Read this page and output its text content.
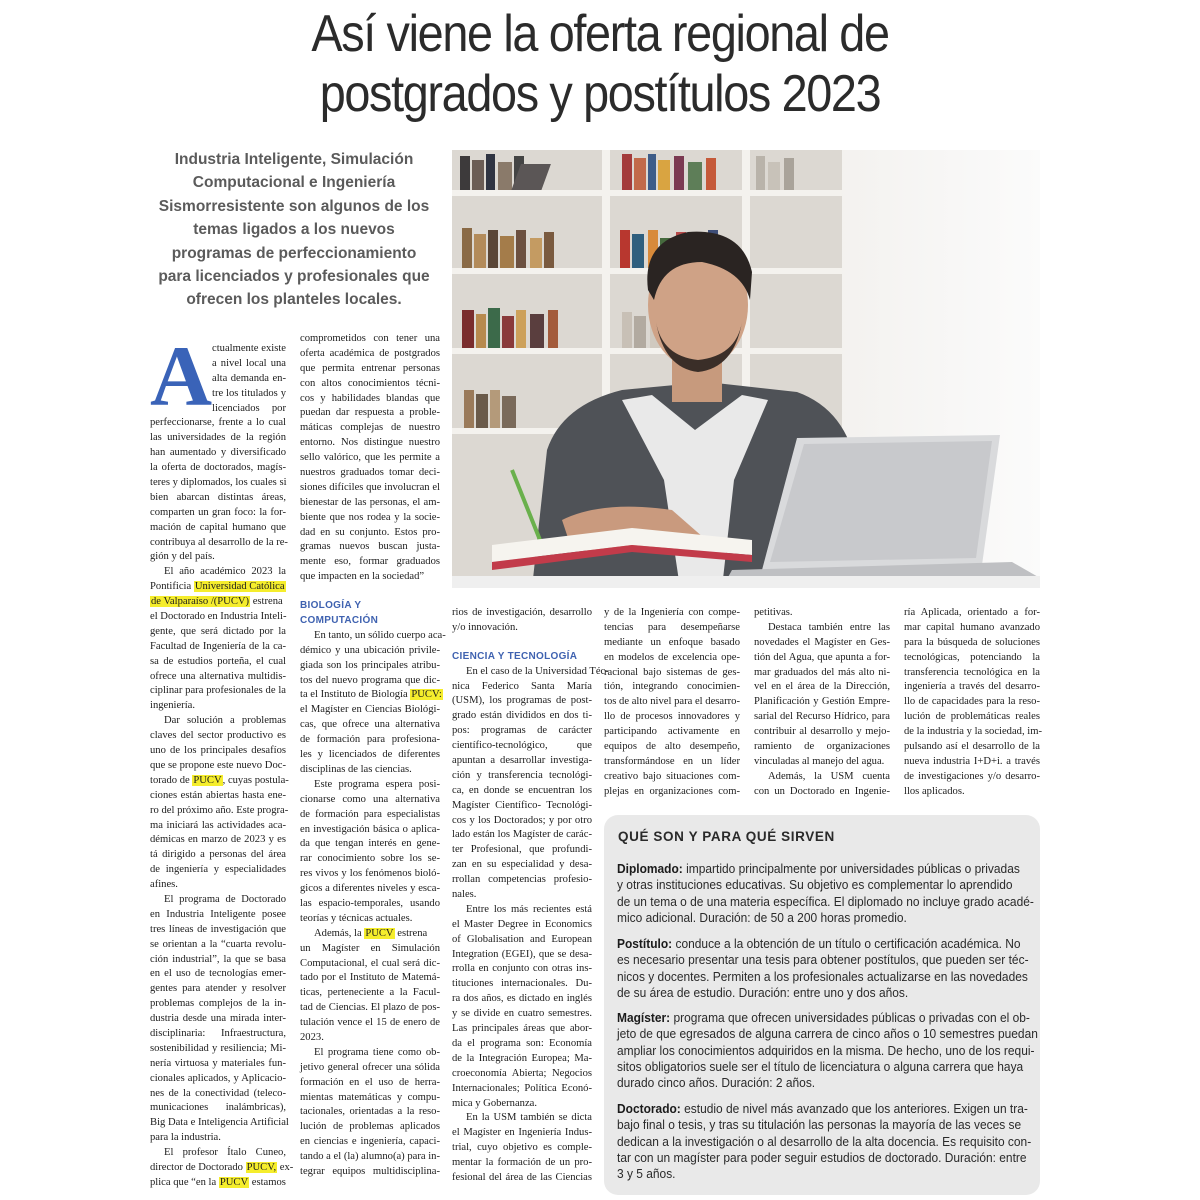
Así viene la oferta regional de
postgrados y postítulos 2023
Industria Inteligente, Simulación
Computacional e Ingeniería
Sismorresistente son algunos de los
temas ligados a los nuevos
programas de perfeccionamiento
para licenciados y profesionales que
ofrecen los planteles locales.
A ctualmente existe
a nivel local una
alta demanda en-
tre los titulados y
licenciados por
perfeccionarse, frente a lo cual
las universidades de la región
han aumentado y diversificado
la oferta de doctorados, magís-
teres y diplomados, los cuales si
bien abarcan distintas áreas,
comparten un gran foco: la for-
mación de capital humano que
contribuya al desarrollo de la re-
gión y del país.
El año académico 2023 la
Pontificia Universidad Católica
de Valparaíso /(PUCV) estrena
el Doctorado en Industria Inteli-
gente, que será dictado por la
Facultad de Ingeniería de la ca-
sa de estudios porteña, el cual
ofrece una alternativa multidis-
ciplinar para profesionales de la
ingeniería.
Dar solución a problemas
claves del sector productivo es
uno de los principales desafíos
que se propone este nuevo Doc-
torado de PUCV, cuyas postula-
ciones están abiertas hasta ene-
ro del próximo año. Este progra-
ma iniciará las actividades aca-
démicas en marzo de 2023 y es
tá dirigido a personas del área
de ingeniería y especialidades
afines.
El programa de Doctorado
en Industria Inteligente posee
tres líneas de investigación que
se orientan a la “cuarta revolu-
ción industrial”, la que se basa
en el uso de tecnologías emer-
gentes para atender y resolver
problemas complejos de la in-
dustria desde una mirada inter-
disciplinaria: Infraestructura,
sostenibilidad y resiliencia; Mi-
nería virtuosa y materiales fun-
cionales aplicados, y Aplicacio-
nes de la conectividad (teleco-
municaciones inalámbricas),
Big Data e Inteligencia Artificial
para la industria.
El profesor Ítalo Cuneo,
director de Doctorado PUCV, ex-
plica que “en la PUCV estamos
comprometidos con tener una
oferta académica de postgrados
que permita entrenar personas
con altos conocimientos técni-
cos y habilidades blandas que
puedan dar respuesta a proble-
máticas complejas de nuestro
entorno. Nos distingue nuestro
sello valórico, que les permite a
nuestros graduados tomar deci-
siones difíciles que involucran el
bienestar de las personas, el am-
biente que nos rodea y la socie-
dad en su conjunto. Estos pro-
gramas nuevos buscan justa-
mente eso, formar graduados
que impacten en la sociedad”
BIOLOGÍA Y
COMPUTACIÓN
En tanto, un sólido cuerpo aca-
démico y una ubicación privile-
giada son los principales atribu-
tos del nuevo programa que dic-
ta el Instituto de Biología PUCV:
el Magíster en Ciencias Biológi-
cas, que ofrece una alternativa
de formación para profesiona-
les y licenciados de diferentes
disciplinas de las ciencias.
Este programa espera posi-
cionarse como una alternativa
de formación para especialistas
en investigación básica o aplica-
da que tengan interés en gene-
rar conocimiento sobre los se-
res vivos y los fenómenos bioló-
gicos a diferentes niveles y esca-
las espacio-temporales, usando
teorías y técnicas actuales.
Además, la PUCV estrena
un Magíster en Simulación
Computacional, el cual será dic-
tado por el Instituto de Matemá-
ticas, perteneciente a la Facul-
tad de Ciencias. El plazo de pos-
tulación vence el 15 de enero de
2023.
El programa tiene como ob-
jetivo general ofrecer una sólida
formación en el uso de herra-
mientas matemáticas y compu-
tacionales, orientadas a la reso-
lución de problemas aplicados
en ciencias e ingeniería, capaci-
tando a el (la) alumno(a) para in-
tegrar equipos multidisciplina-
rios de investigación, desarrollo
y/o innovación.
CIENCIA Y TECNOLOGÍA
En el caso de la Universidad Téc-
nica Federico Santa María
(USM), los programas de post-
grado están divididos en dos ti-
pos: programas de carácter
científico-tecnológico, que
apuntan a desarrollar investiga-
ción y transferencia tecnológi-
ca, en donde se encuentran los
Magíster Científico- Tecnológi-
cos y los Doctorados; y por otro
lado están los Magíster de carác-
ter Profesional, que profundi-
zan en su especialidad y desa-
rrollan competencias profesio-
nales.
Entre los más recientes está
el Master Degree in Economics
of Globalisation and European
Integration (EGEI), que se desa-
rrolla en conjunto con otras ins-
tituciones internacionales. Du-
ra dos años, es dictado en inglés
y se divide en cuatro semestres.
Las principales áreas que abor-
da el programa son: Economía
de la Integración Europea; Ma-
croeconomía Abierta; Negocios
Internacionales; Política Econó-
mica y Gobernanza.
En la USM también se dicta
el Magíster en Ingeniería Indus-
trial, cuyo objetivo es comple-
mentar la formación de un pro-
fesional del área de las Ciencias
y de la Ingeniería con compe-
tencias para desempeñarse
mediante un enfoque basado
en modelos de excelencia ope-
racional bajo sistemas de ges-
tión, integrando conocimien-
tos de alto nivel para el desarro-
llo de procesos innovadores y
participando activamente en
equipos de alto desempeño,
transformándose en un líder
creativo bajo situaciones com-
plejas en organizaciones com-
petitivas.
Destaca también entre las
novedades el Magíster en Ges-
tión del Agua, que apunta a for-
mar graduados del más alto ni-
vel en el área de la Dirección,
Planificación y Gestión Empre-
sarial del Recurso Hídrico, para
contribuir al desarrollo y mejo-
ramiento de organizaciones
vinculadas al manejo del agua.
Además, la USM cuenta
con un Doctorado en Ingenie-
ría Aplicada, orientado a for-
mar capital humano avanzado
para la búsqueda de soluciones
tecnológicas, potenciando la
transferencia tecnológica en la
ingeniería a través del desarro-
llo de capacidades para la reso-
lución de problemáticas reales
de la industria y la sociedad, im-
pulsando así el desarrollo de la
nueva industria I+D+i. a través
de investigaciones y/o desarro-
llos aplicados.
QUÉ SON Y PARA QUÉ SIRVEN
Diplomado: impartido principalmente por universidades públicas o privadas
y otras instituciones educativas. Su objetivo es complementar lo aprendido
de un tema o de una materia específica. El diplomado no incluye grado acadé-
mico adicional. Duración: de 50 a 200 horas promedio.
Postítulo: conduce a la obtención de un título o certificación académica. No
es necesario presentar una tesis para obtener postítulos, que pueden ser téc-
nicos y docentes. Permiten a los profesionales actualizarse en las novedades
de su área de estudio. Duración: entre uno y dos años.
Magíster: programa que ofrecen universidades públicas o privadas con el ob-
jeto de que egresados de alguna carrera de cinco años o 10 semestres puedan
ampliar los conocimientos adquiridos en la misma. De hecho, uno de los requi-
sitos obligatorios suele ser el título de licenciatura o alguna carrera que haya
durado cinco años. Duración: 2 años.
Doctorado: estudio de nivel más avanzado que los anteriores. Exigen un tra-
bajo final o tesis, y tras su titulación las personas la mayoría de las veces se
dedican a la investigación o al desarrollo de la alta docencia. Es requisito con-
tar con un magíster para poder seguir estudios de doctorado. Duración: entre
3 y 5 años.
